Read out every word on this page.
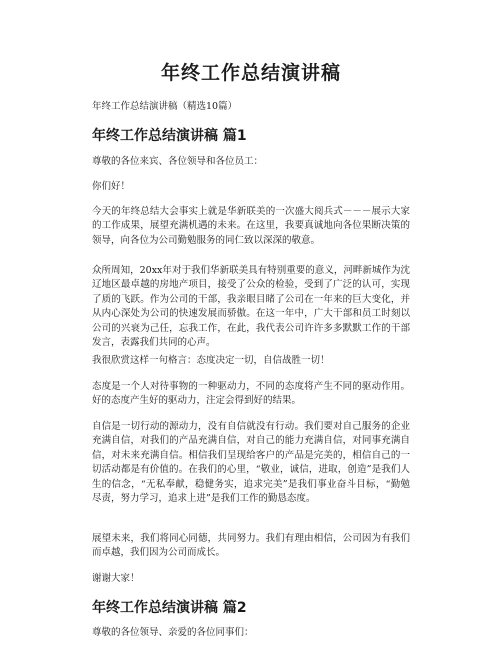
年终工作总结演讲稿

年终工作总结演讲稿（精选10篇）

年终工作总结演讲稿 篇1

尊敬的各位来宾、各位领导和各位员工：

你们好！

今天的年终总结大会事实上就是华新联美的一次盛大阅兵式－－－展示大家的工作成果，展望充满机遇的未来。在这里，我要真诚地向各位果断决策的领导，向各位为公司勤勉服务的同仁致以深深的敬意。

众所周知，20xx年对于我们华新联美具有特别重要的意义，河畔新城作为沈辽地区最卓越的房地产项目，接受了公众的检验，受到了广泛的认可，实现了质的飞跃。作为公司的干部，我亲眼目睹了公司在一年来的巨大变化，并从内心深处为公司的快速发展而骄傲。在这一年中，广大干部和员工时刻以公司的兴衰为己任，忘我工作，在此，我代表公司许许多多默默工作的干部发言，表露我们共同的心声。

我很欣赏这样一句格言：态度决定一切，自信战胜一切！

态度是一个人对待事物的一种驱动力，不同的态度将产生不同的驱动作用。好的态度产生好的驱动力，注定会得到好的结果。

自信是一切行动的源动力，没有自信就没有行动。我们要对自己服务的企业充满自信，对我们的产品充满自信，对自己的能力充满自信，对同事充满自信，对未来充满自信。相信我们呈现给客户的产品是完美的，相信自己的一切活动都是有价值的。在我们的心里，“敬业，诚信，进取，创造”是我们人生的信念，“无私奉献，稳健务实，追求完美”是我们事业奋斗目标，“勤勉尽责，努力学习，追求上进”是我们工作的勤恳态度。

展望未来，我们将同心同德，共同努力。我们有理由相信，公司因为有我们而卓越，我们因为公司而成长。

谢谢大家！

年终工作总结演讲稿 篇2

尊敬的各位领导、亲爱的各位同事们：
